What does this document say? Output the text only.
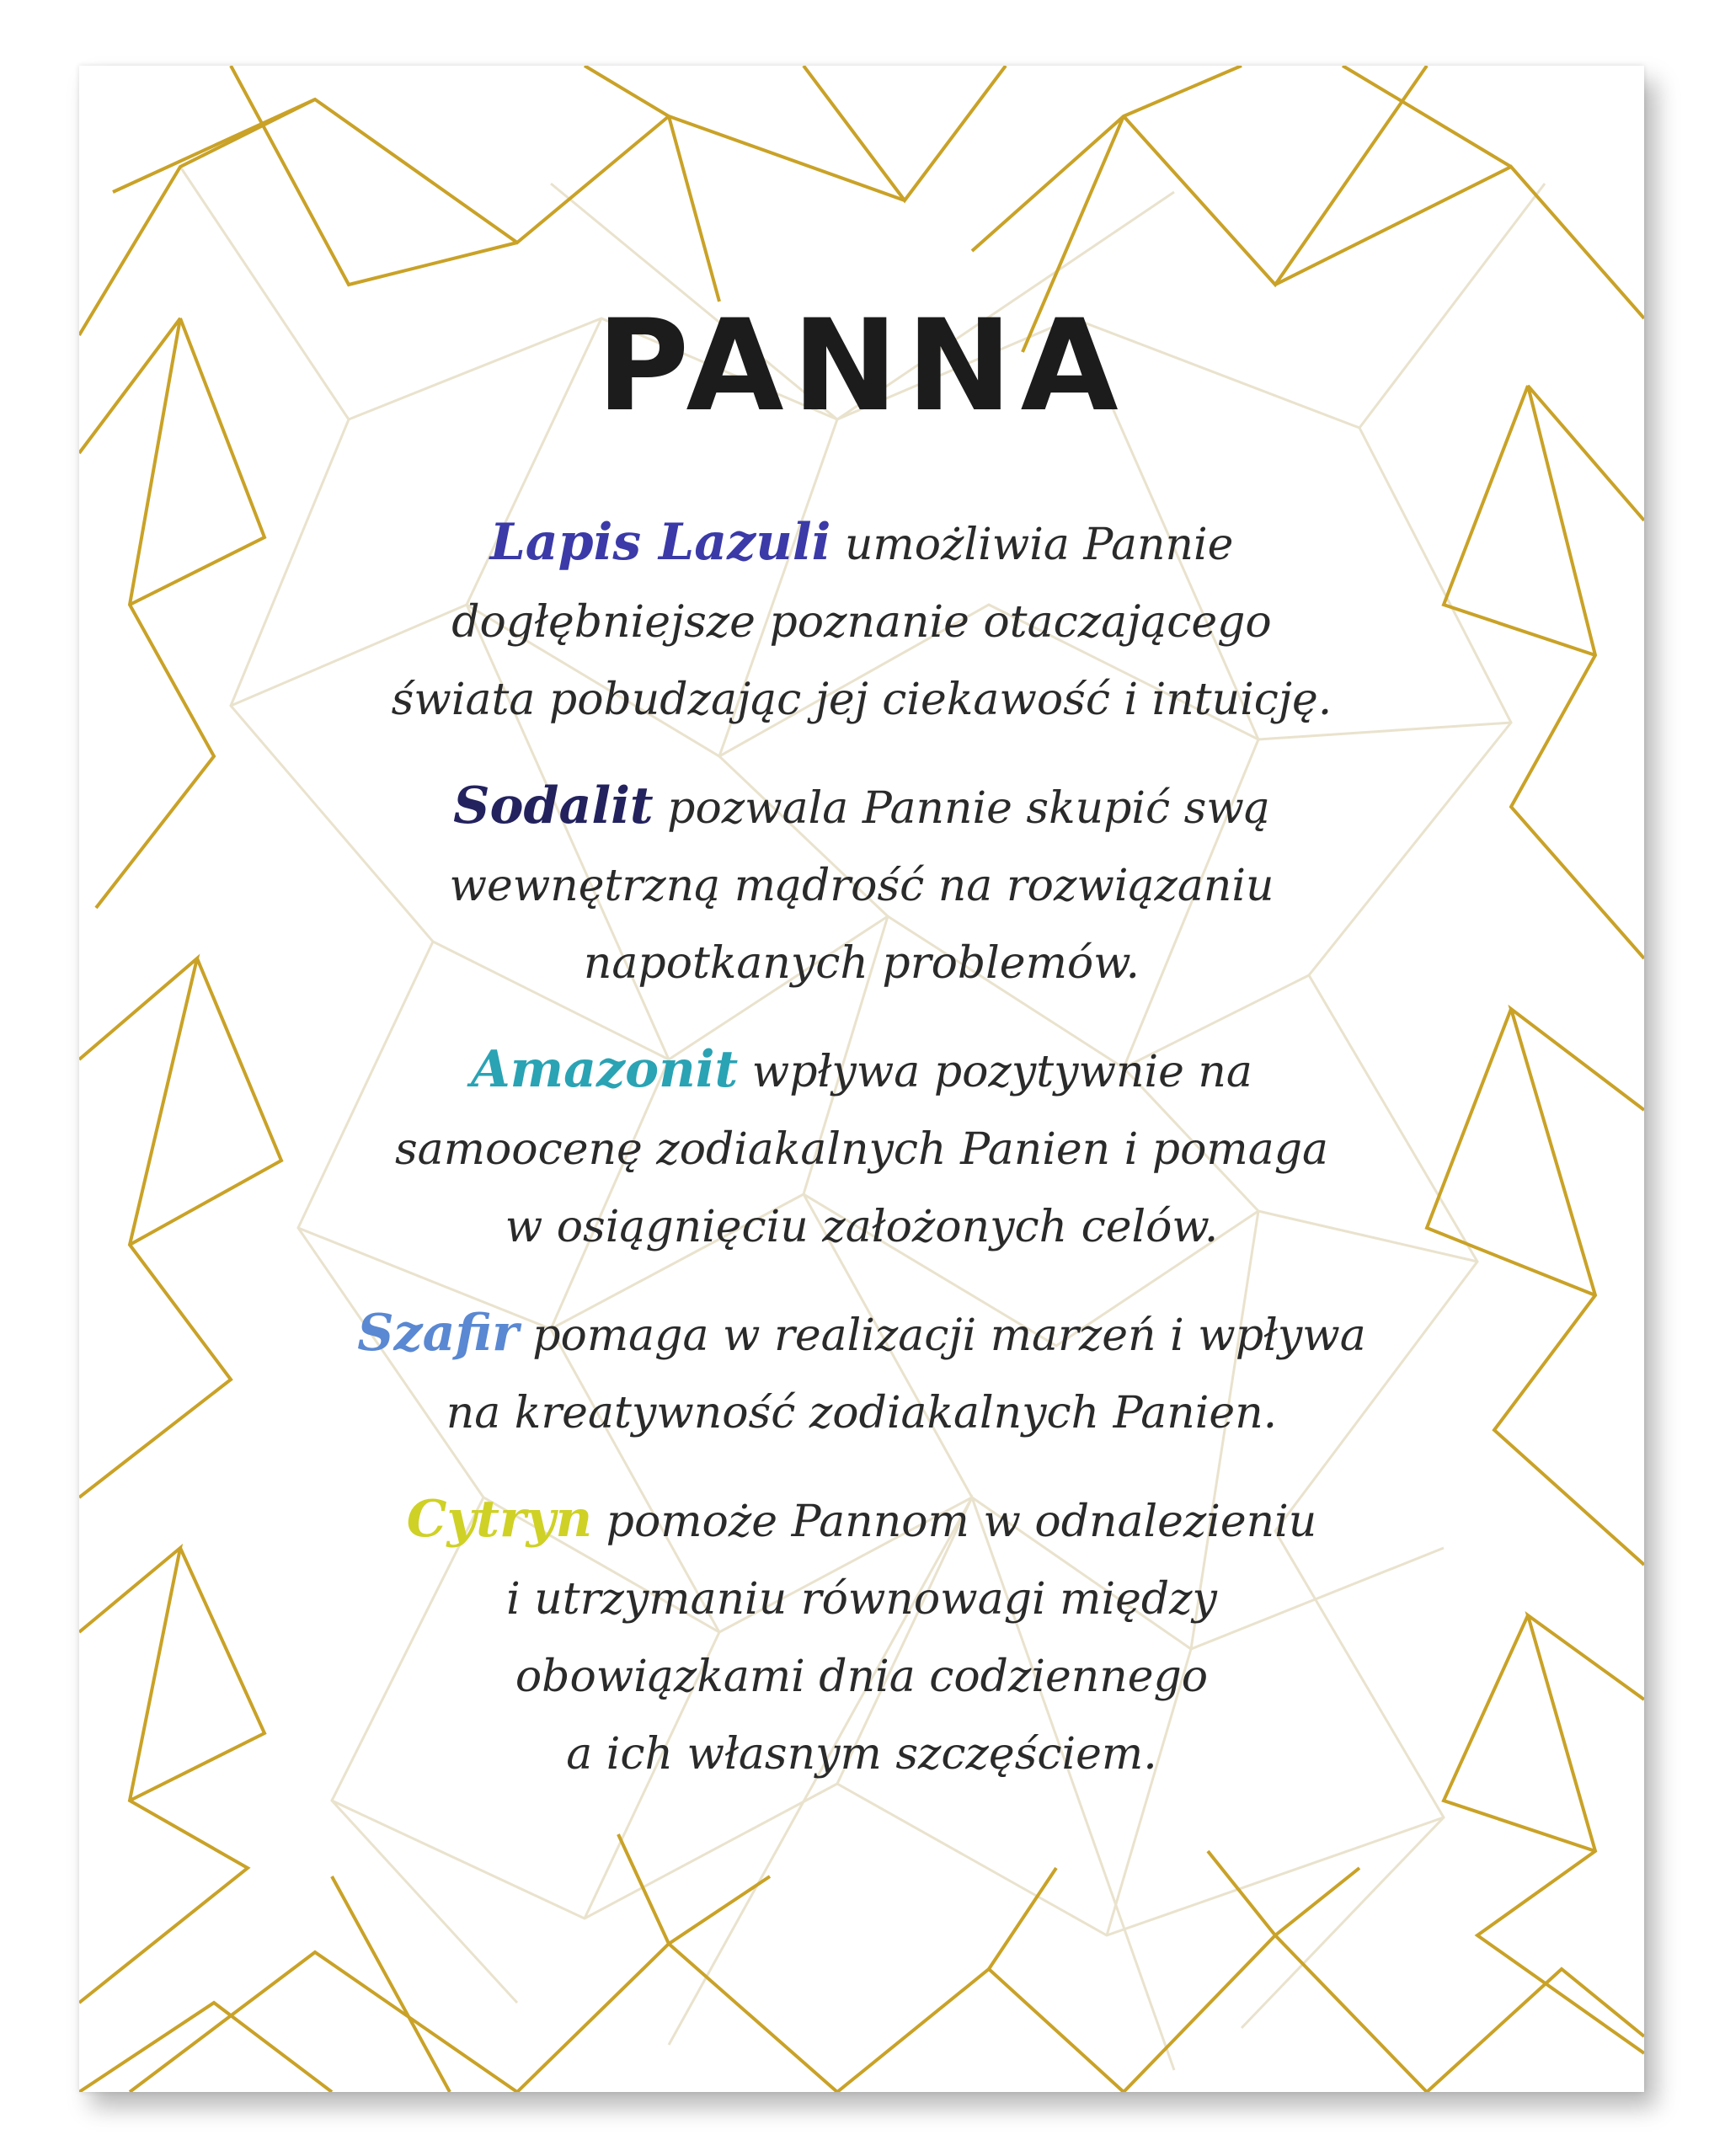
PANNA
Lapis Lazuli umożliwia Pannie
dogłębniejsze poznanie otaczającego
świata pobudzając jej ciekawość i intuicję.
Sodalit pozwala Pannie skupić swą
wewnętrzną mądrość na rozwiązaniu
napotkanych problemów.
Amazonit wpływa pozytywnie na
samoocenę zodiakalnych Panien i pomaga
w osiągnięciu założonych celów.
Szafir pomaga w realizacji marzeń i wpływa
na kreatywność zodiakalnych Panien.
Cytryn pomoże Pannom w odnalezieniu
i utrzymaniu równowagi między
obowiązkami dnia codziennego
a ich własnym szczęściem.
